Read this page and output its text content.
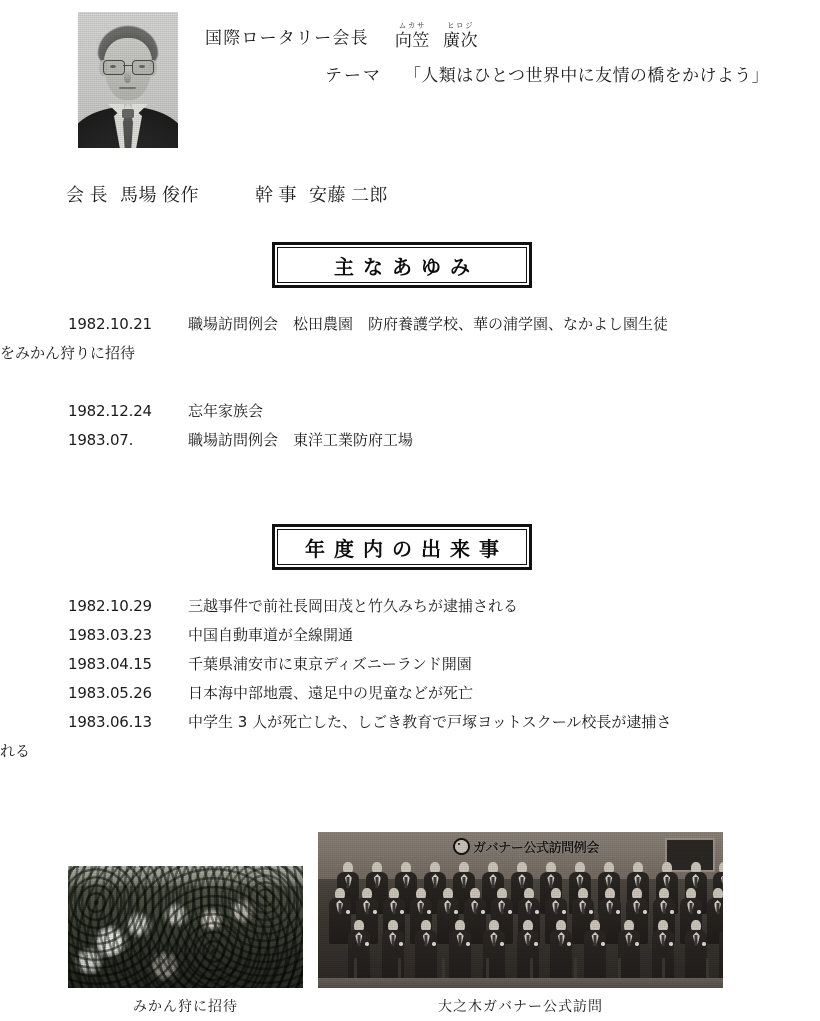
国際ロータリー会長
ムカサ
向笠
ヒロジ
廣次
テーマ 「人類はひとつ世界中に友情の橋をかけよう」
会 長 馬場 俊作	幹 事 安藤 二郎
主なあゆみ
1982.10.21	職場訪問例会　松田農園　防府養護学校、華の浦学園、なかよし園生徒
をみかん狩りに招待
1982.12.24	忘年家族会
1983.07.	職場訪問例会　東洋工業防府工場
年度内の出来事
1982.10.29	三越事件で前社長岡田茂と竹久みちが逮捕される
1983.03.23	中国自動車道が全線開通
1983.04.15	千葉県浦安市に東京ディズニーランド開園
1983.05.26	日本海中部地震、遠足中の児童などが死亡
1983.06.13	中学生 3 人が死亡した、しごき教育で戸塚ヨットスクール校長が逮捕さ
れる
ガバナー公式訪問例会
みかん狩に招待	大之木ガバナー公式訪問
